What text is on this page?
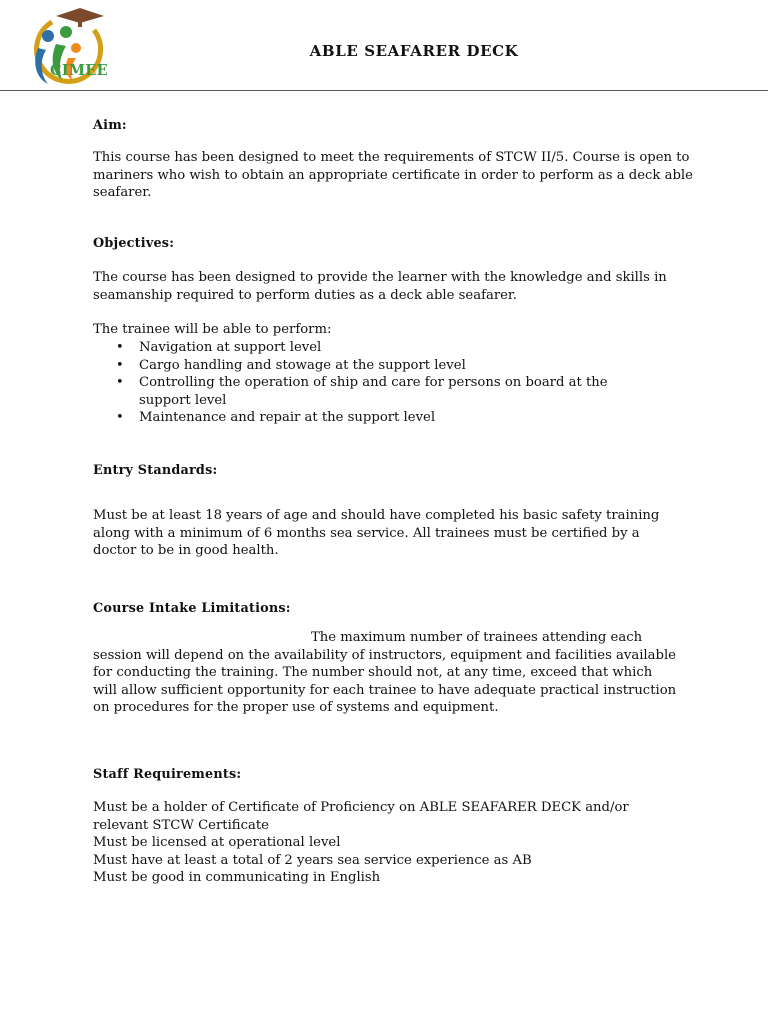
CIMEE
ABLE SEAFARER DECK
Aim:

This course has been designed to meet the requirements of STCW II/5. Course is open to mariners who wish to obtain an appropriate certificate in order to perform as a deck able seafarer.

Objectives:

The course has been designed to provide the learner with the knowledge and skills in seamanship required to perform duties as a deck able seafarer.

The trainee will be able to perform:

• Navigation at support level
• Cargo handling and stowage at the support level
• Controlling the operation of ship and care for persons on board at the support level
• Maintenance and repair at the support level
Entry Standards:

Must be at least 18 years of age and should have completed his basic safety training along with a minimum of 6 months sea service. All trainees must be certified by a doctor to be in good health.

Course Intake Limitations:

The maximum number of trainees attending each session will depend on the availability of instructors, equipment and facilities available for conducting the training. The number should not, at any time, exceed that which will allow sufficient opportunity for each trainee to have adequate practical instruction on procedures for the proper use of systems and equipment.

Staff Requirements:

Must be a holder of Certificate of Proficiency on ABLE SEAFARER DECK and/or relevant STCW Certificate

Must be licensed at operational level

Must have at least a total of 2 years sea service experience as AB

Must be good in communicating in English
